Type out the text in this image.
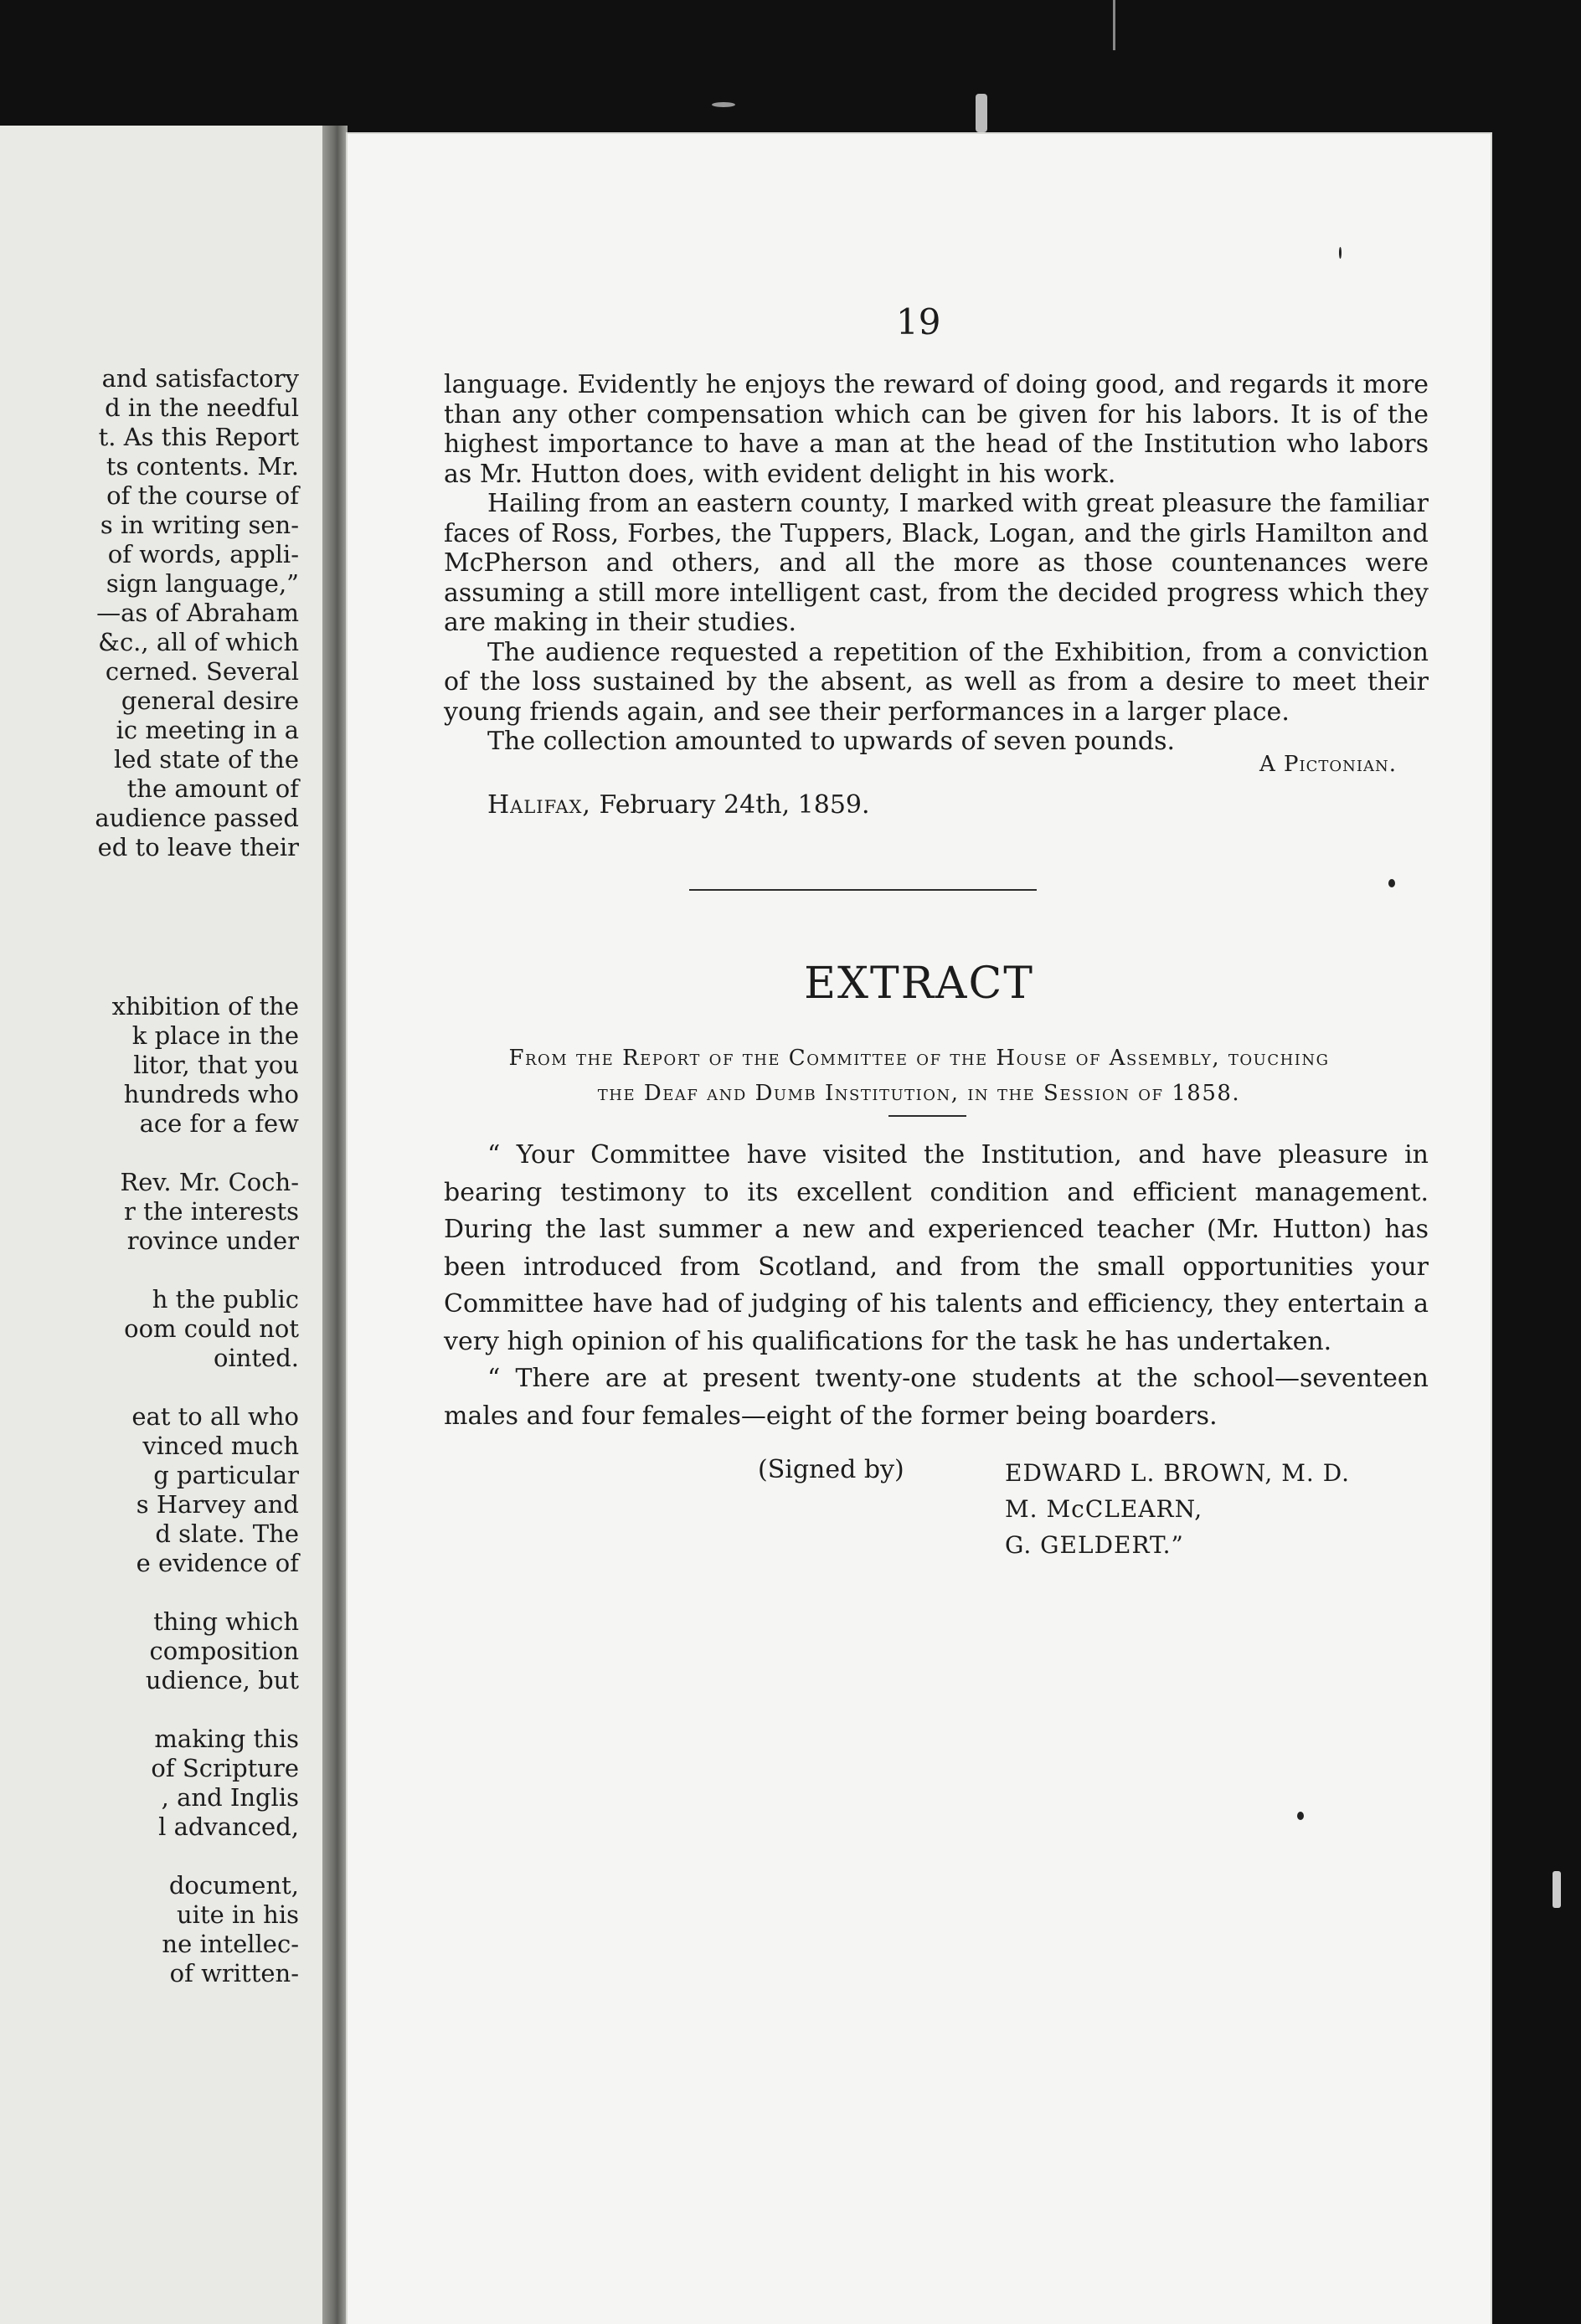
and satisfactory
d in the needful
t. As this Report
ts contents. Mr.
of the course of
s in writing sen-
of words, appli-
sign language,”
—as of Abraham
&c., all of which
cerned. Several
general desire
ic meeting in a
led state of the
the amount of
audience passed
ed to leave their
xhibition of the
k place in the
litor, that you
hundreds who
ace for a few
Rev. Mr. Coch-
r the interests
rovince under
h the public
oom could not
ointed.
eat to all who
vinced much
g particular
s Harvey and
d slate. The
e evidence of
thing which
composition
udience, but
making this
of Scripture
, and Inglis
l advanced,
document,
uite in his
ne intellec-
of written-
19

language. Evidently he enjoys the reward of doing good, and regards it more than any other compensation which can be given for his labors. It is of the highest importance to have a man at the head of the Institution who labors as Mr. Hutton does, with evident delight in his work.

Hailing from an eastern county, I marked with great pleasure the familiar faces of Ross, Forbes, the Tuppers, Black, Logan, and the girls Hamilton and McPherson and others, and all the more as those countenances were assuming a still more intelligent cast, from the decided progress which they are making in their studies.

The audience requested a repetition of the Exhibition, from a conviction of the loss sustained by the absent, as well as from a desire to meet their young friends again, and see their performances in a larger place.

The collection amounted to upwards of seven pounds.

A Pictonian.
Halifax, February 24th, 1859.
EXTRACT
From the Report of the Committee of the House of Assembly, touching
the Deaf and Dumb Institution, in the Session of 1858.

“ Your Committee have visited the Institution, and have pleasure in bearing testimony to its excellent condition and efficient management. During the last summer a new and experienced teacher (Mr. Hutton) has been introduced from Scotland, and from the small opportunities your Committee have had of judging of his talents and efficiency, they entertain a very high opinion of his qualifications for the task he has undertaken.

“ There are at present twenty-one students at the school—seventeen males and four females—eight of the former being boarders.

(Signed by)	EDWARD L. BROWN, M. D.
M. McCLEARN,
G. GELDERT.”
